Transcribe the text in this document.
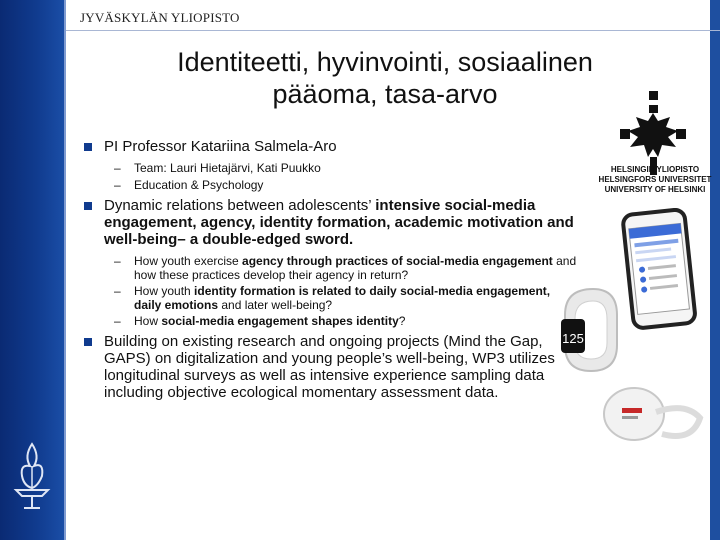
JYVÄSKYLÄN YLIOPISTO
Identiteetti, hyvinvointi, sosiaalinen
pääoma, tasa-arvo

PI Professor Katariina Salmela-Aro

– Team: Lauri Hietajärvi, Kati Puukko

– Education & Psychology

Dynamic relations between adolescents’ intensive social-media engagement, agency, identity formation, academic motivation and well-being– a double-edged sword.

– How youth exercise agency through practices of social-media engagement and how these practices develop their agency in return?

– How youth identity formation is related to daily social-media engagement, daily emotions and later well-being?

– How social-media engagement shapes identity?

Building on existing research and ongoing projects (Mind the Gap, GAPS) on digitalization and young people’s well-being, WP3 utilizes longitudinal surveys as well as intensive experience sampling data including objective ecological momentary assessment data.

HELSINGIN YLIOPISTO
HELSINGFORS UNIVERSITET
UNIVERSITY OF HELSINKI
125
